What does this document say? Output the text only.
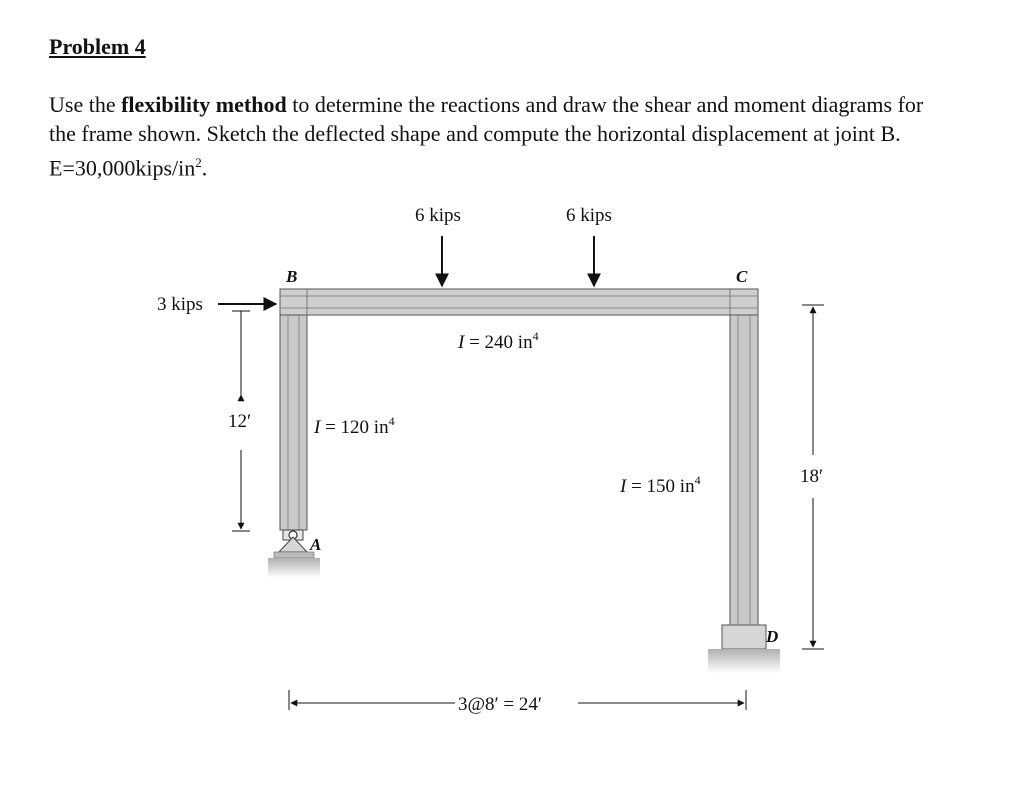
Problem 4

Use the flexibility method to determine the reactions and draw the shear and moment diagrams for the frame shown. Sketch the deflected shape and compute the horizontal displacement at joint B. $E=30,000kips/in^2$.

3 kips
6 kips	6 kips
B	C
A
D
I = 240 $in^4$
I = 120 $in^4$
I = 150 $in^4$
12′
18′
3@8′ = 24′
